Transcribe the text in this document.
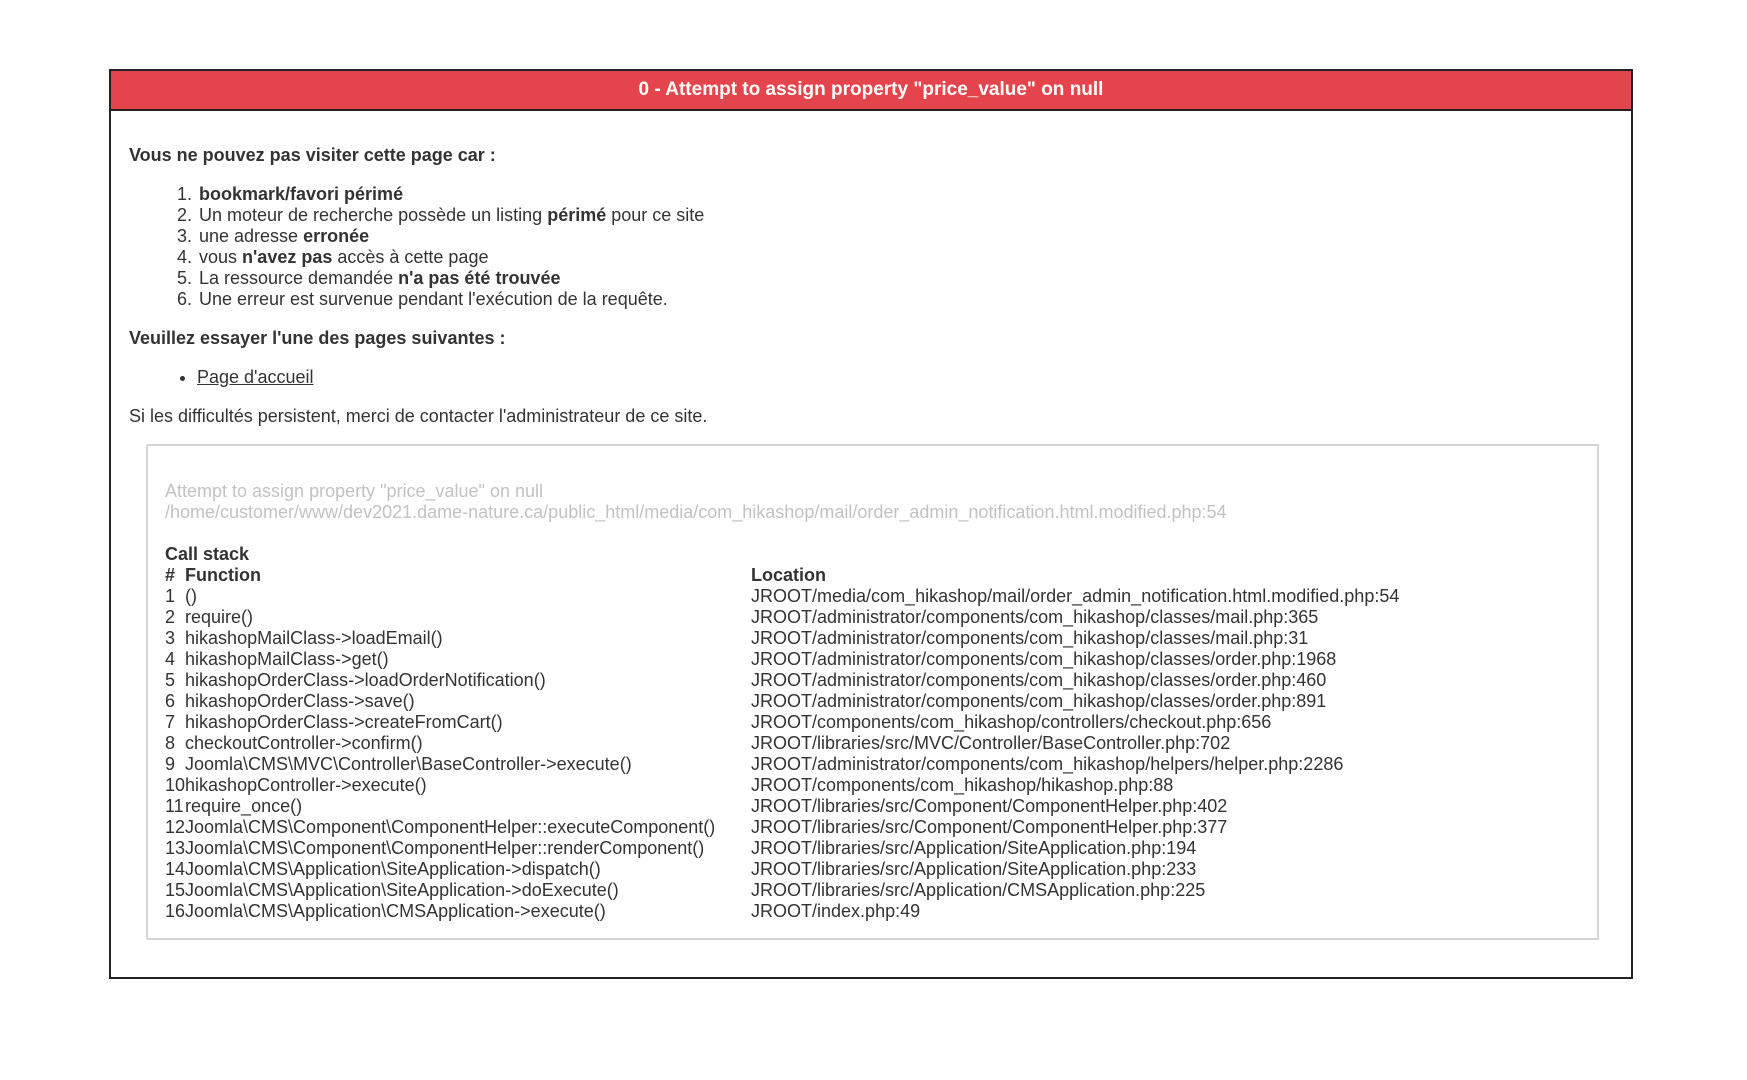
0 - Attempt to assign property "price_value" on null

Vous ne pouvez pas visiter cette page car :

1. bookmark/favori périmé
2. Un moteur de recherche possède un listing périmé pour ce site
3. une adresse erronée
4. vous n'avez pas accès à cette page
5. La ressource demandée n'a pas été trouvée
6. Une erreur est survenue pendant l'exécution de la requête.

Veuillez essayer l'une des pages suivantes :

• Page d'accueil

Si les difficultés persistent, merci de contacter l'administrateur de ce site.

Attempt to assign property "price_value" on null
/home/customer/www/dev2021.dame-nature.ca/public_html/media/com_hikashop/mail/order_admin_notification.html.modified.php:54
Call stack
#	Function	Location
1	()	JROOT/media/com_hikashop/mail/order_admin_notification.html.modified.php:54
2	require()	JROOT/administrator/components/com_hikashop/classes/mail.php:365
3	hikashopMailClass->loadEmail()	JROOT/administrator/components/com_hikashop/classes/mail.php:31
4	hikashopMailClass->get()	JROOT/administrator/components/com_hikashop/classes/order.php:1968
5	hikashopOrderClass->loadOrderNotification()	JROOT/administrator/components/com_hikashop/classes/order.php:460
6	hikashopOrderClass->save()	JROOT/administrator/components/com_hikashop/classes/order.php:891
7	hikashopOrderClass->createFromCart()	JROOT/components/com_hikashop/controllers/checkout.php:656
8	checkoutController->confirm()	JROOT/libraries/src/MVC/Controller/BaseController.php:702
9	Joomla\CMS\MVC\Controller\BaseController->execute()	JROOT/administrator/components/com_hikashop/helpers/helper.php:2286
10	hikashopController->execute()	JROOT/components/com_hikashop/hikashop.php:88
11	require_once()	JROOT/libraries/src/Component/ComponentHelper.php:402
12	Joomla\CMS\Component\ComponentHelper::executeComponent()	JROOT/libraries/src/Component/ComponentHelper.php:377
13	Joomla\CMS\Component\ComponentHelper::renderComponent()	JROOT/libraries/src/Application/SiteApplication.php:194
14	Joomla\CMS\Application\SiteApplication->dispatch()	JROOT/libraries/src/Application/SiteApplication.php:233
15	Joomla\CMS\Application\SiteApplication->doExecute()	JROOT/libraries/src/Application/CMSApplication.php:225
16	Joomla\CMS\Application\CMSApplication->execute()	JROOT/index.php:49
